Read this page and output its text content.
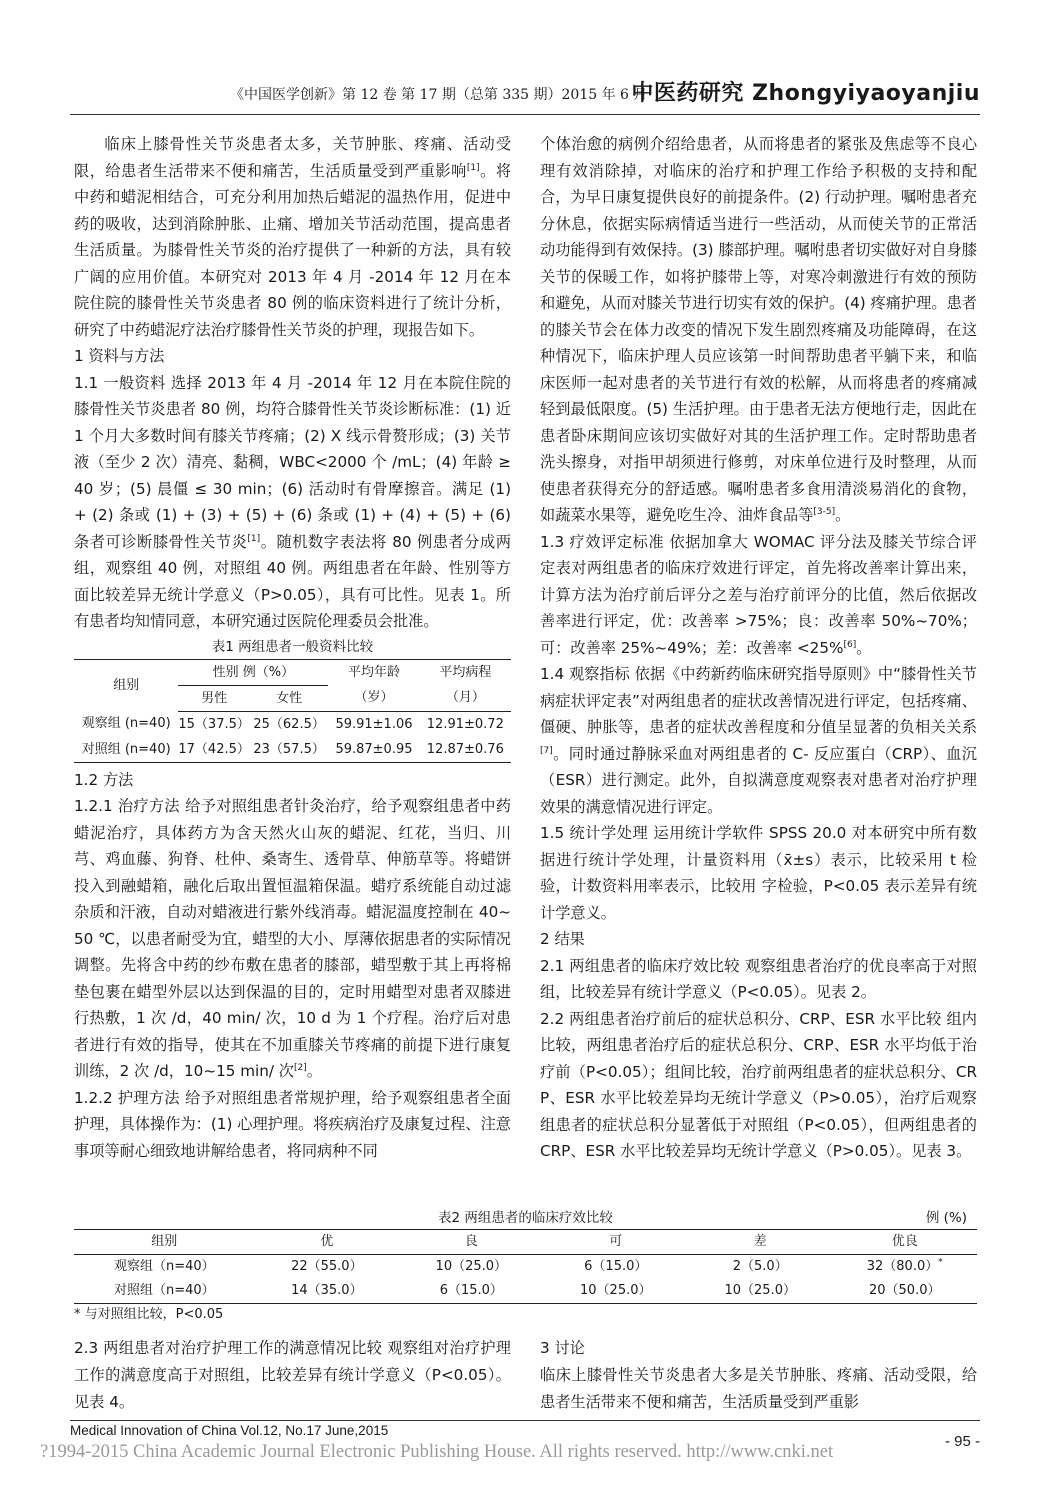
《中国医学创新》第 12 卷 第 17 期（总第 335 期）2015 年 6 月
中医药研究 Zhongyiyaoyanjiu

临床上膝骨性关节炎患者太多，关节肿胀、疼痛、活动受限，给患者生活带来不便和痛苦，生活质量受到严重影响[1]。将中药和蜡泥相结合，可充分利用加热后蜡泥的温热作用，促进中药的吸收，达到消除肿胀、止痛、增加关节活动范围，提高患者生活质量。为膝骨性关节炎的治疗提供了一种新的方法，具有较广阔的应用价值。本研究对 2013 年 4 月 -2014 年 12 月在本院住院的膝骨性关节炎患者 80 例的临床资料进行了统计分析，研究了中药蜡泥疗法治疗膝骨性关节炎的护理，现报告如下。

1 资料与方法

1.1 一般资料 选择 2013 年 4 月 -2014 年 12 月在本院住院的膝骨性关节炎患者 80 例，均符合膝骨性关节炎诊断标准：(1) 近 1 个月大多数时间有膝关节疼痛；(2) X 线示骨赘形成；(3) 关节液（至少 2 次）清亮、黏稠，WBC<2000 个 /mL；(4) 年龄 ≥ 40 岁；(5) 晨僵 ≤ 30 min；(6) 活动时有骨摩擦音。满足 (1) + (2) 条或 (1) + (3) + (5) + (6) 条或 (1) + (4) + (5) + (6) 条者可诊断膝骨性关节炎[1]。随机数字表法将 80 例患者分成两组，观察组 40 例，对照组 40 例。两组患者在年龄、性别等方面比较差异无统计学意义（P>0.05），具有可比性。见表 1。所有患者均知情同意，本研究通过医院伦理委员会批准。

表1 两组患者一般资料比较
组别	性别 例（%）		平均年龄	平均病程
	男性	女性	（岁）	（月）
观察组 (n=40)	15（37.5）	25（62.5）	59.91±1.06	12.91±0.72
对照组 (n=40)	17（42.5）	23（57.5）	59.87±0.95	12.87±0.76

1.2 方法

1.2.1 治疗方法 给予对照组患者针灸治疗，给予观察组患者中药蜡泥治疗，具体药方为含天然火山灰的蜡泥、红花，当归、川芎、鸡血藤、狗脊、杜仲、桑寄生、透骨草、伸筋草等。将蜡饼投入到融蜡箱，融化后取出置恒温箱保温。蜡疗系统能自动过滤杂质和汗液，自动对蜡液进行紫外线消毒。蜡泥温度控制在 40~50 ℃，以患者耐受为宜，蜡型的大小、厚薄依据患者的实际情况调整。先将含中药的纱布敷在患者的膝部，蜡型敷于其上再将棉垫包裹在蜡型外层以达到保温的目的，定时用蜡型对患者双膝进行热敷，1 次 /d，40 min/ 次，10 d 为 1 个疗程。治疗后对患者进行有效的指导，使其在不加重膝关节疼痛的前提下进行康复训练，2 次 /d，10~15 min/ 次[2]。

1.2.2 护理方法 给予对照组患者常规护理，给予观察组患者全面护理，具体操作为：(1) 心理护理。将疾病治疗及康复过程、注意事项等耐心细致地讲解给患者，将同病种不同

个体治愈的病例介绍给患者，从而将患者的紧张及焦虑等不良心理有效消除掉，对临床的治疗和护理工作给予积极的支持和配合，为早日康复提供良好的前提条件。(2) 行动护理。嘱咐患者充分休息，依据实际病情适当进行一些活动，从而使关节的正常活动功能得到有效保持。(3) 膝部护理。嘱咐患者切实做好对自身膝关节的保暖工作，如将护膝带上等，对寒冷刺激进行有效的预防和避免，从而对膝关节进行切实有效的保护。(4) 疼痛护理。患者的膝关节会在体力改变的情况下发生剧烈疼痛及功能障碍，在这种情况下，临床护理人员应该第一时间帮助患者平躺下来，和临床医师一起对患者的关节进行有效的松解，从而将患者的疼痛减轻到最低限度。(5) 生活护理。由于患者无法方便地行走，因此在患者卧床期间应该切实做好对其的生活护理工作。定时帮助患者洗头擦身，对指甲胡须进行修剪，对床单位进行及时整理，从而使患者获得充分的舒适感。嘱咐患者多食用清淡易消化的食物，如蔬菜水果等，避免吃生冷、油炸食品等[3-5]。

1.3 疗效评定标准 依据加拿大 WOMAC 评分法及膝关节综合评定表对两组患者的临床疗效进行评定，首先将改善率计算出来，计算方法为治疗前后评分之差与治疗前评分的比值，然后依据改善率进行评定，优：改善率 >75%；良：改善率 50%~70%；可：改善率 25%~49%；差：改善率 <25%[6]。

1.4 观察指标 依据《中药新药临床研究指导原则》中“膝骨性关节病症状评定表”对两组患者的症状改善情况进行评定，包括疼痛、僵硬、肿胀等，患者的症状改善程度和分值呈显著的负相关关系[7]。同时通过静脉采血对两组患者的 C- 反应蛋白（CRP）、血沉（ESR）进行测定。此外，自拟满意度观察表对患者对治疗护理效果的满意情况进行评定。

1.5 统计学处理 运用统计学软件 SPSS 20.0 对本研究中所有数据进行统计学处理，计量资料用（x̄±s）表示，比较采用 t 检验，计数资料用率表示，比较用 字检验，P<0.05 表示差异有统计学意义。

2 结果

2.1 两组患者的临床疗效比较 观察组患者治疗的优良率高于对照组，比较差异有统计学意义（P<0.05）。见表 2。

2.2 两组患者治疗前后的症状总积分、CRP、ESR 水平比较 组内比较，两组患者治疗后的症状总积分、CRP、ESR 水平均低于治疗前（P<0.05）；组间比较，治疗前两组患者的症状总积分、CRP、ESR 水平比较差异均无统计学意义（P>0.05），治疗后观察组患者的症状总积分显著低于对照组（P<0.05），但两组患者的 CRP、ESR 水平比较差异均无统计学意义（P>0.05）。见表 3。

表2 两组患者的临床疗效比较	例 (%)
组别	优	良	可	差	优良
观察组（n=40）	22（55.0）	10（25.0）	6（15.0）	2（5.0）	32（80.0）*
对照组（n=40）	14（35.0）	6（15.0）	10（25.0）	10（25.0）	20（50.0）
* 与对照组比较，P<0.05

2.3 两组患者对治疗护理工作的满意情况比较 观察组对治疗护理工作的满意度高于对照组，比较差异有统计学意义（P<0.05）。见表 4。

3 讨论

临床上膝骨性关节炎患者大多是关节肿胀、疼痛、活动受限，给患者生活带来不便和痛苦，生活质量受到严重影

Medical Innovation of China Vol.12, No.17 June,2015
- 95 -
?1994-2015 China Academic Journal Electronic Publishing House. All rights reserved. http://www.cnki.net
